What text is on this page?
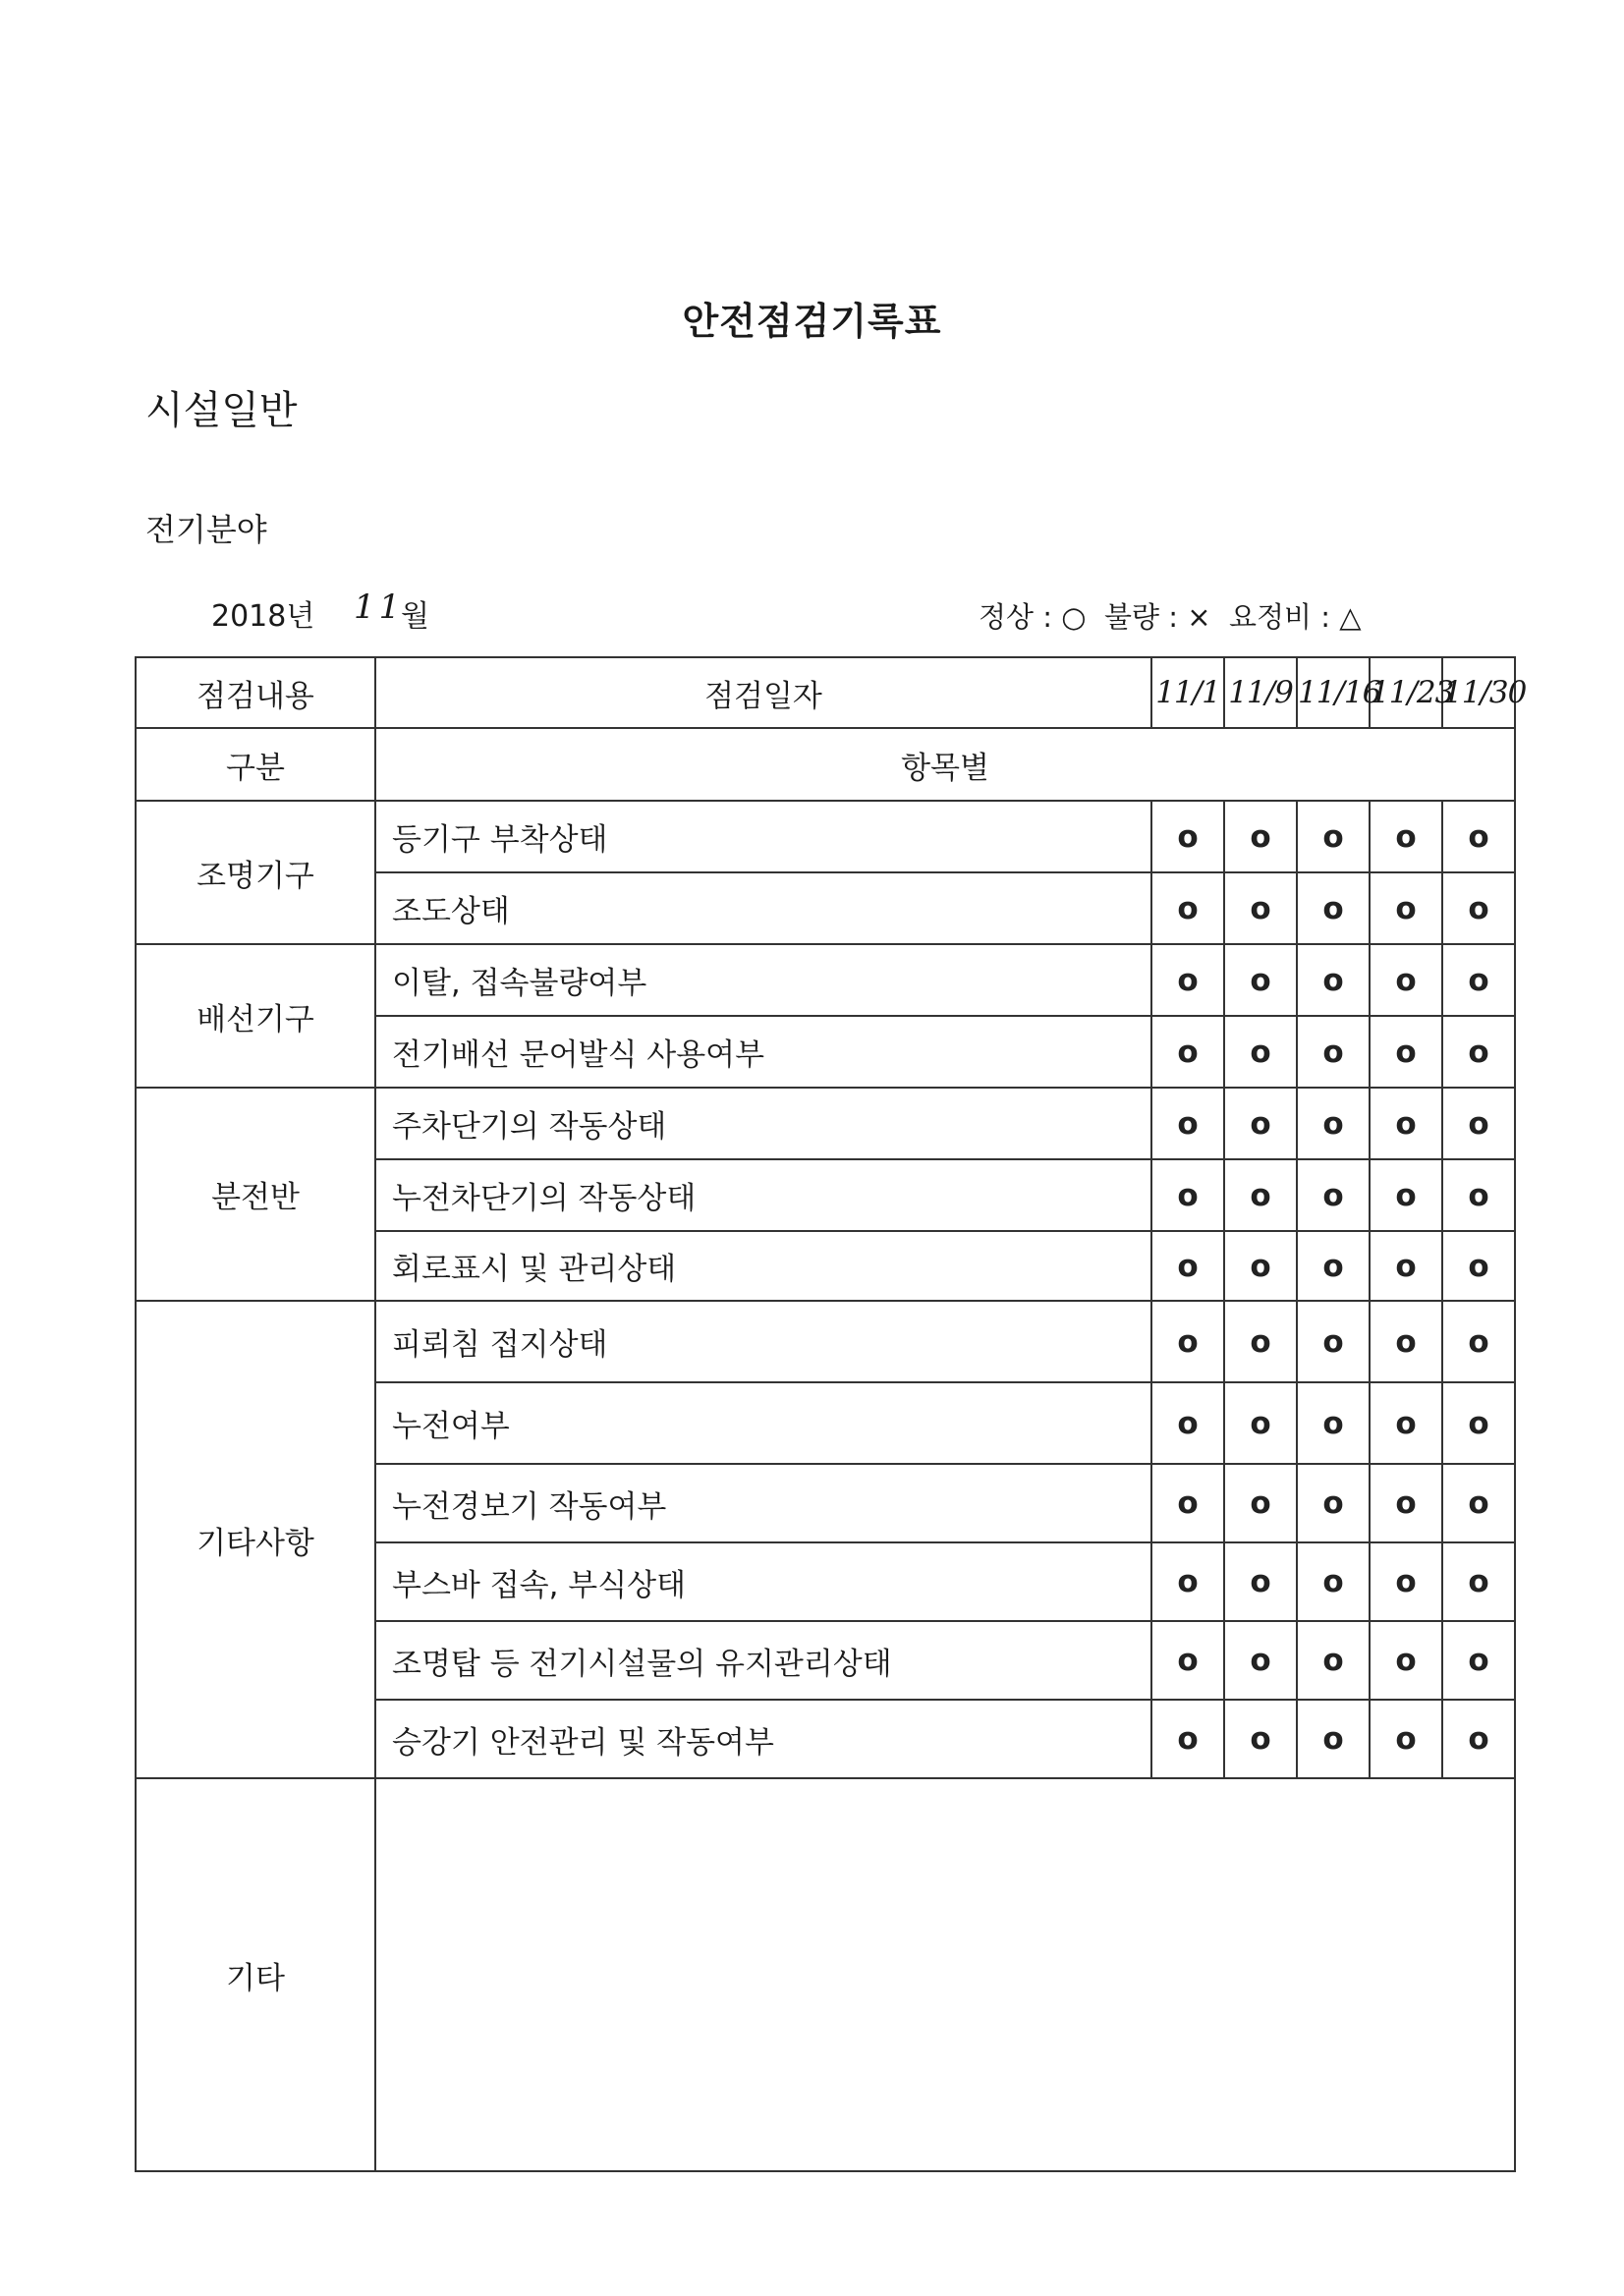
안전점검기록표
시설일반
전기분야
2018년 11
월	정상 : ○  불량 : ×  요정비 : △
점검내용	점검일자	11/1	11/9	11/16	11/23	11/30
구분	항목별					
조명기구	등기구 부착상태	o	o	o	o	o
	조도상태	o	o	o	o	o
배선기구	이탈, 접속불량여부	o	o	o	o	o
	전기배선 문어발식 사용여부	o	o	o	o	o
분전반	주차단기의 작동상태	o	o	o	o	o
	누전차단기의 작동상태	o	o	o	o	o
	회로표시 및 관리상태	o	o	o	o	o
기타사항	피뢰침 접지상태	o	o	o	o	o
	누전여부	o	o	o	o	o
	누전경보기 작동여부	o	o	o	o	o
	부스바 접속, 부식상태	o	o	o	o	o
	조명탑 등 전기시설물의 유지관리상태	o	o	o	o	o
	승강기 안전관리 및 작동여부	o	o	o	o	o
기타						
